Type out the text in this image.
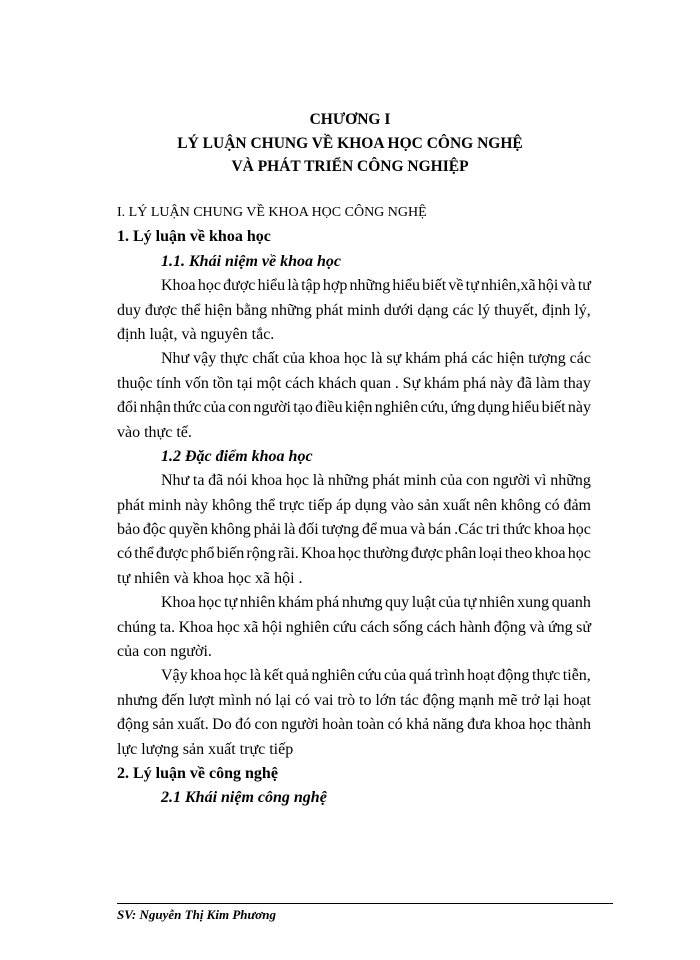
CHƯƠNG I
LÝ LUẬN CHUNG VỀ KHOA HỌC CÔNG NGHỆ
VÀ PHÁT TRIỂN CÔNG NGHIỆP
I. LÝ LUẬN CHUNG VỀ KHOA HỌC CÔNG NGHỆ
1. Lý luận về khoa học
1.1. Khái niệm về khoa học
Khoa học được hiểu là tập hợp những hiểu biết về tự nhiên,xã hội và tư
duy được thể hiện bằng những phát minh dưới dạng các lý thuyết, định lý,
định luật, và nguyên tắc.
Như vậy thực chất của khoa học là sự khám phá các hiện tượng các
thuộc tính vốn tồn tại một cách khách quan . Sự khám phá này đã làm thay
đổi nhận thức của con người tạo điều kiện nghiên cứu, ứng dụng hiểu biết này
vào thực tế.
1.2 Đặc điểm khoa học
Như ta đã nói khoa học là những phát minh của con người vì những
phát minh này không thể trực tiếp áp dụng vào sản xuất nên không có đảm
bảo độc quyền không phải là đối tượng để mua và bán .Các tri thức khoa học
có thể được phổ biến rộng rãi. Khoa học thường được phân loại theo khoa học
tự nhiên và khoa học xã hội .
Khoa học tự nhiên khám phá nhưng quy luật của tự nhiên xung quanh
chúng ta. Khoa học xã hội nghiên cứu cách sống cách hành động và ứng sử
của con người.
Vậy khoa học là kết quả nghiên cứu của quá trình hoạt động thực tiễn,
nhưng đến lượt mình nó lại có vai trò to lớn tác động mạnh mẽ trở lại hoạt
động sản xuất. Do đó con người hoàn toàn có khả năng đưa khoa học thành
lực lượng sản xuất trực tiếp
2. Lý luận về công nghệ
2.1 Khái niệm công nghệ
SV: Nguyễn Thị Kim Phương
